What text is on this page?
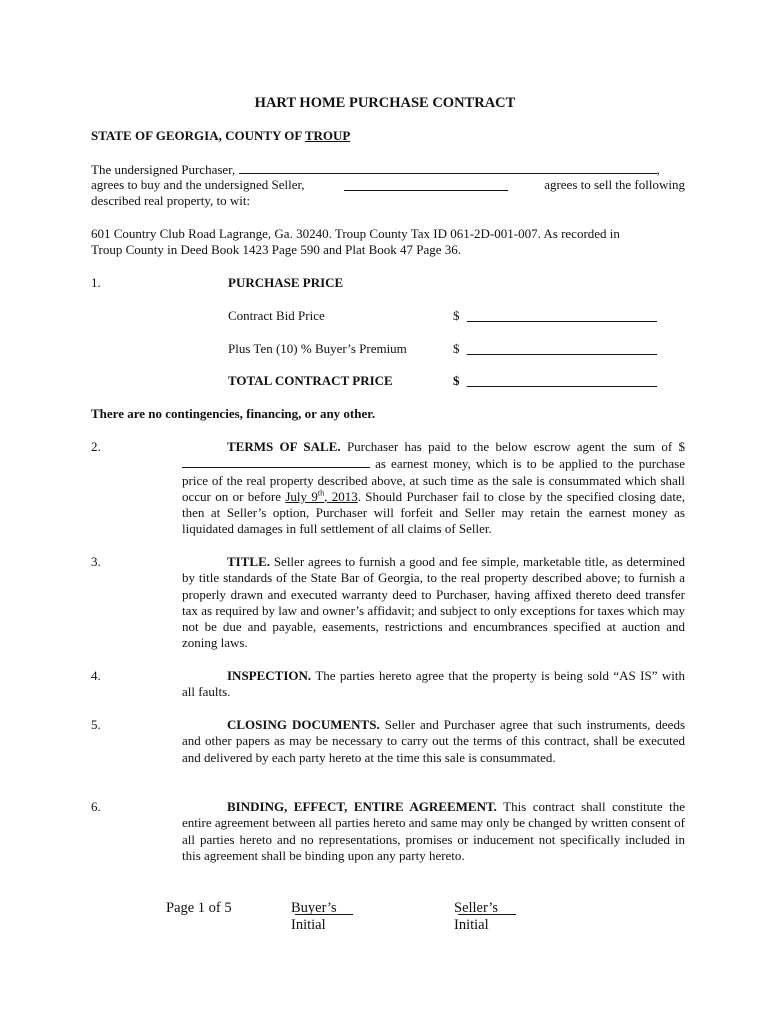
HART HOME PURCHASE CONTRACT
STATE OF GEORGIA, COUNTY OF TROUP
The undersigned Purchaser,	,
agrees to buy and the undersigned Seller,	agrees to sell the following
described real property, to wit:
601 Country Club Road Lagrange, Ga. 30240. Troup County Tax ID 061-2D-001-007. As recorded in
Troup County in Deed Book 1423 Page 590 and Plat Book 47 Page 36.
1.	PURCHASE PRICE
Contract Bid Price	$
Plus Ten (10) % Buyer’s Premium	$
TOTAL CONTRACT PRICE	$
There are no contingencies, financing, or any other.
2.	TERMS OF SALE. Purchaser has paid to the below escrow agent the sum of $ as earnest money, which is to be applied to the purchase price of the real property described above, at such time as the sale is consummated which shall occur on or before July 9th, 2013. Should Purchaser fail to close by the specified closing date, then at Seller’s option, Purchaser will forfeit and Seller may retain the earnest money as liquidated damages in full settlement of all claims of Seller.
3.	TITLE. Seller agrees to furnish a good and fee simple, marketable title, as determined by title standards of the State Bar of Georgia, to the real property described above; to furnish a properly drawn and executed warranty deed to Purchaser, having affixed thereto deed transfer tax as required by law and owner’s affidavit; and subject to only exceptions for taxes which may not be due and payable, easements, restrictions and encumbrances specified at auction and zoning laws.
4.	INSPECTION. The parties hereto agree that the property is being sold “AS IS” with all faults.
5.	CLOSING DOCUMENTS. Seller and Purchaser agree that such instruments, deeds and other papers as may be necessary to carry out the terms of this contract, shall be executed and delivered by each party hereto at the time this sale is consummated.
6.	BINDING, EFFECT, ENTIRE AGREEMENT. This contract shall constitute the entire agreement between all parties hereto and same may only be changed by written consent of all parties hereto and no representations, promises or inducement not specifically included in this agreement shall be binding upon any party hereto.
Page 1 of 5	Buyer’s Initial
Seller’s Initial
